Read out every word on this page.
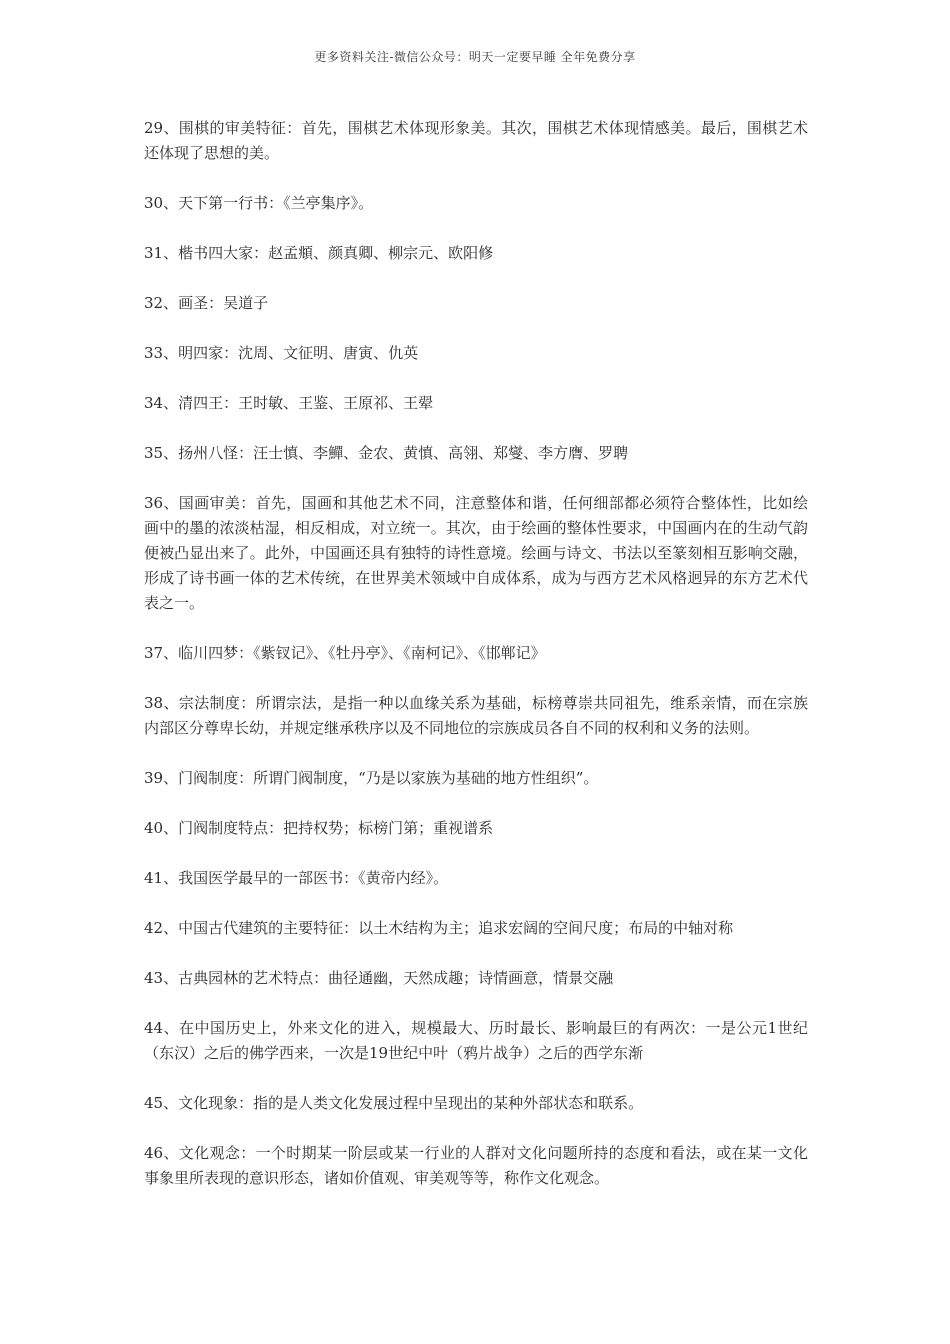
更多资料关注-微信公众号：明天一定要早睡 全年免费分享

29、围棋的审美特征：首先，围棋艺术体现形象美。其次，围棋艺术体现情感美。最后，围棋艺术还体现了思想的美。

30、天下第一行书：《兰亭集序》。

31、楷书四大家：赵孟頫、颜真卿、柳宗元、欧阳修

32、画圣：吴道子

33、明四家：沈周、文征明、唐寅、仇英

34、清四王：王时敏、王鉴、王原祁、王翚

35、扬州八怪：汪士慎、李鱓、金农、黄慎、高翎、郑燮、李方膺、罗聘

36、国画审美：首先，国画和其他艺术不同，注意整体和谐，任何细部都必须符合整体性，比如绘画中的墨的浓淡枯湿，相反相成，对立统一。其次，由于绘画的整体性要求，中国画内在的生动气韵便被凸显出来了。此外，中国画还具有独特的诗性意境。绘画与诗文、书法以至篆刻相互影响交融，形成了诗书画一体的艺术传统，在世界美术领域中自成体系，成为与西方艺术风格迥异的东方艺术代表之一。

37、临川四梦：《紫钗记》、《牡丹亭》、《南柯记》、《邯郸记》

38、宗法制度：所谓宗法，是指一种以血缘关系为基础，标榜尊崇共同祖先，维系亲情，而在宗族内部区分尊卑长幼，并规定继承秩序以及不同地位的宗族成员各自不同的权利和义务的法则。

39、门阀制度：所谓门阀制度，“乃是以家族为基础的地方性组织”。

40、门阀制度特点：把持权势；标榜门第；重视谱系

41、我国医学最早的一部医书：《黄帝内经》。

42、中国古代建筑的主要特征：以土木结构为主；追求宏阔的空间尺度；布局的中轴对称

43、古典园林的艺术特点：曲径通幽，天然成趣；诗情画意，情景交融

44、在中国历史上，外来文化的进入，规模最大、历时最长、影响最巨的有两次：一是公元1世纪（东汉）之后的佛学西来，一次是19世纪中叶（鸦片战争）之后的西学东渐

45、文化现象：指的是人类文化发展过程中呈现出的某种外部状态和联系。

46、文化观念：一个时期某一阶层或某一行业的人群对文化问题所持的态度和看法，或在某一文化事象里所表现的意识形态，诸如价值观、审美观等等，称作文化观念。
